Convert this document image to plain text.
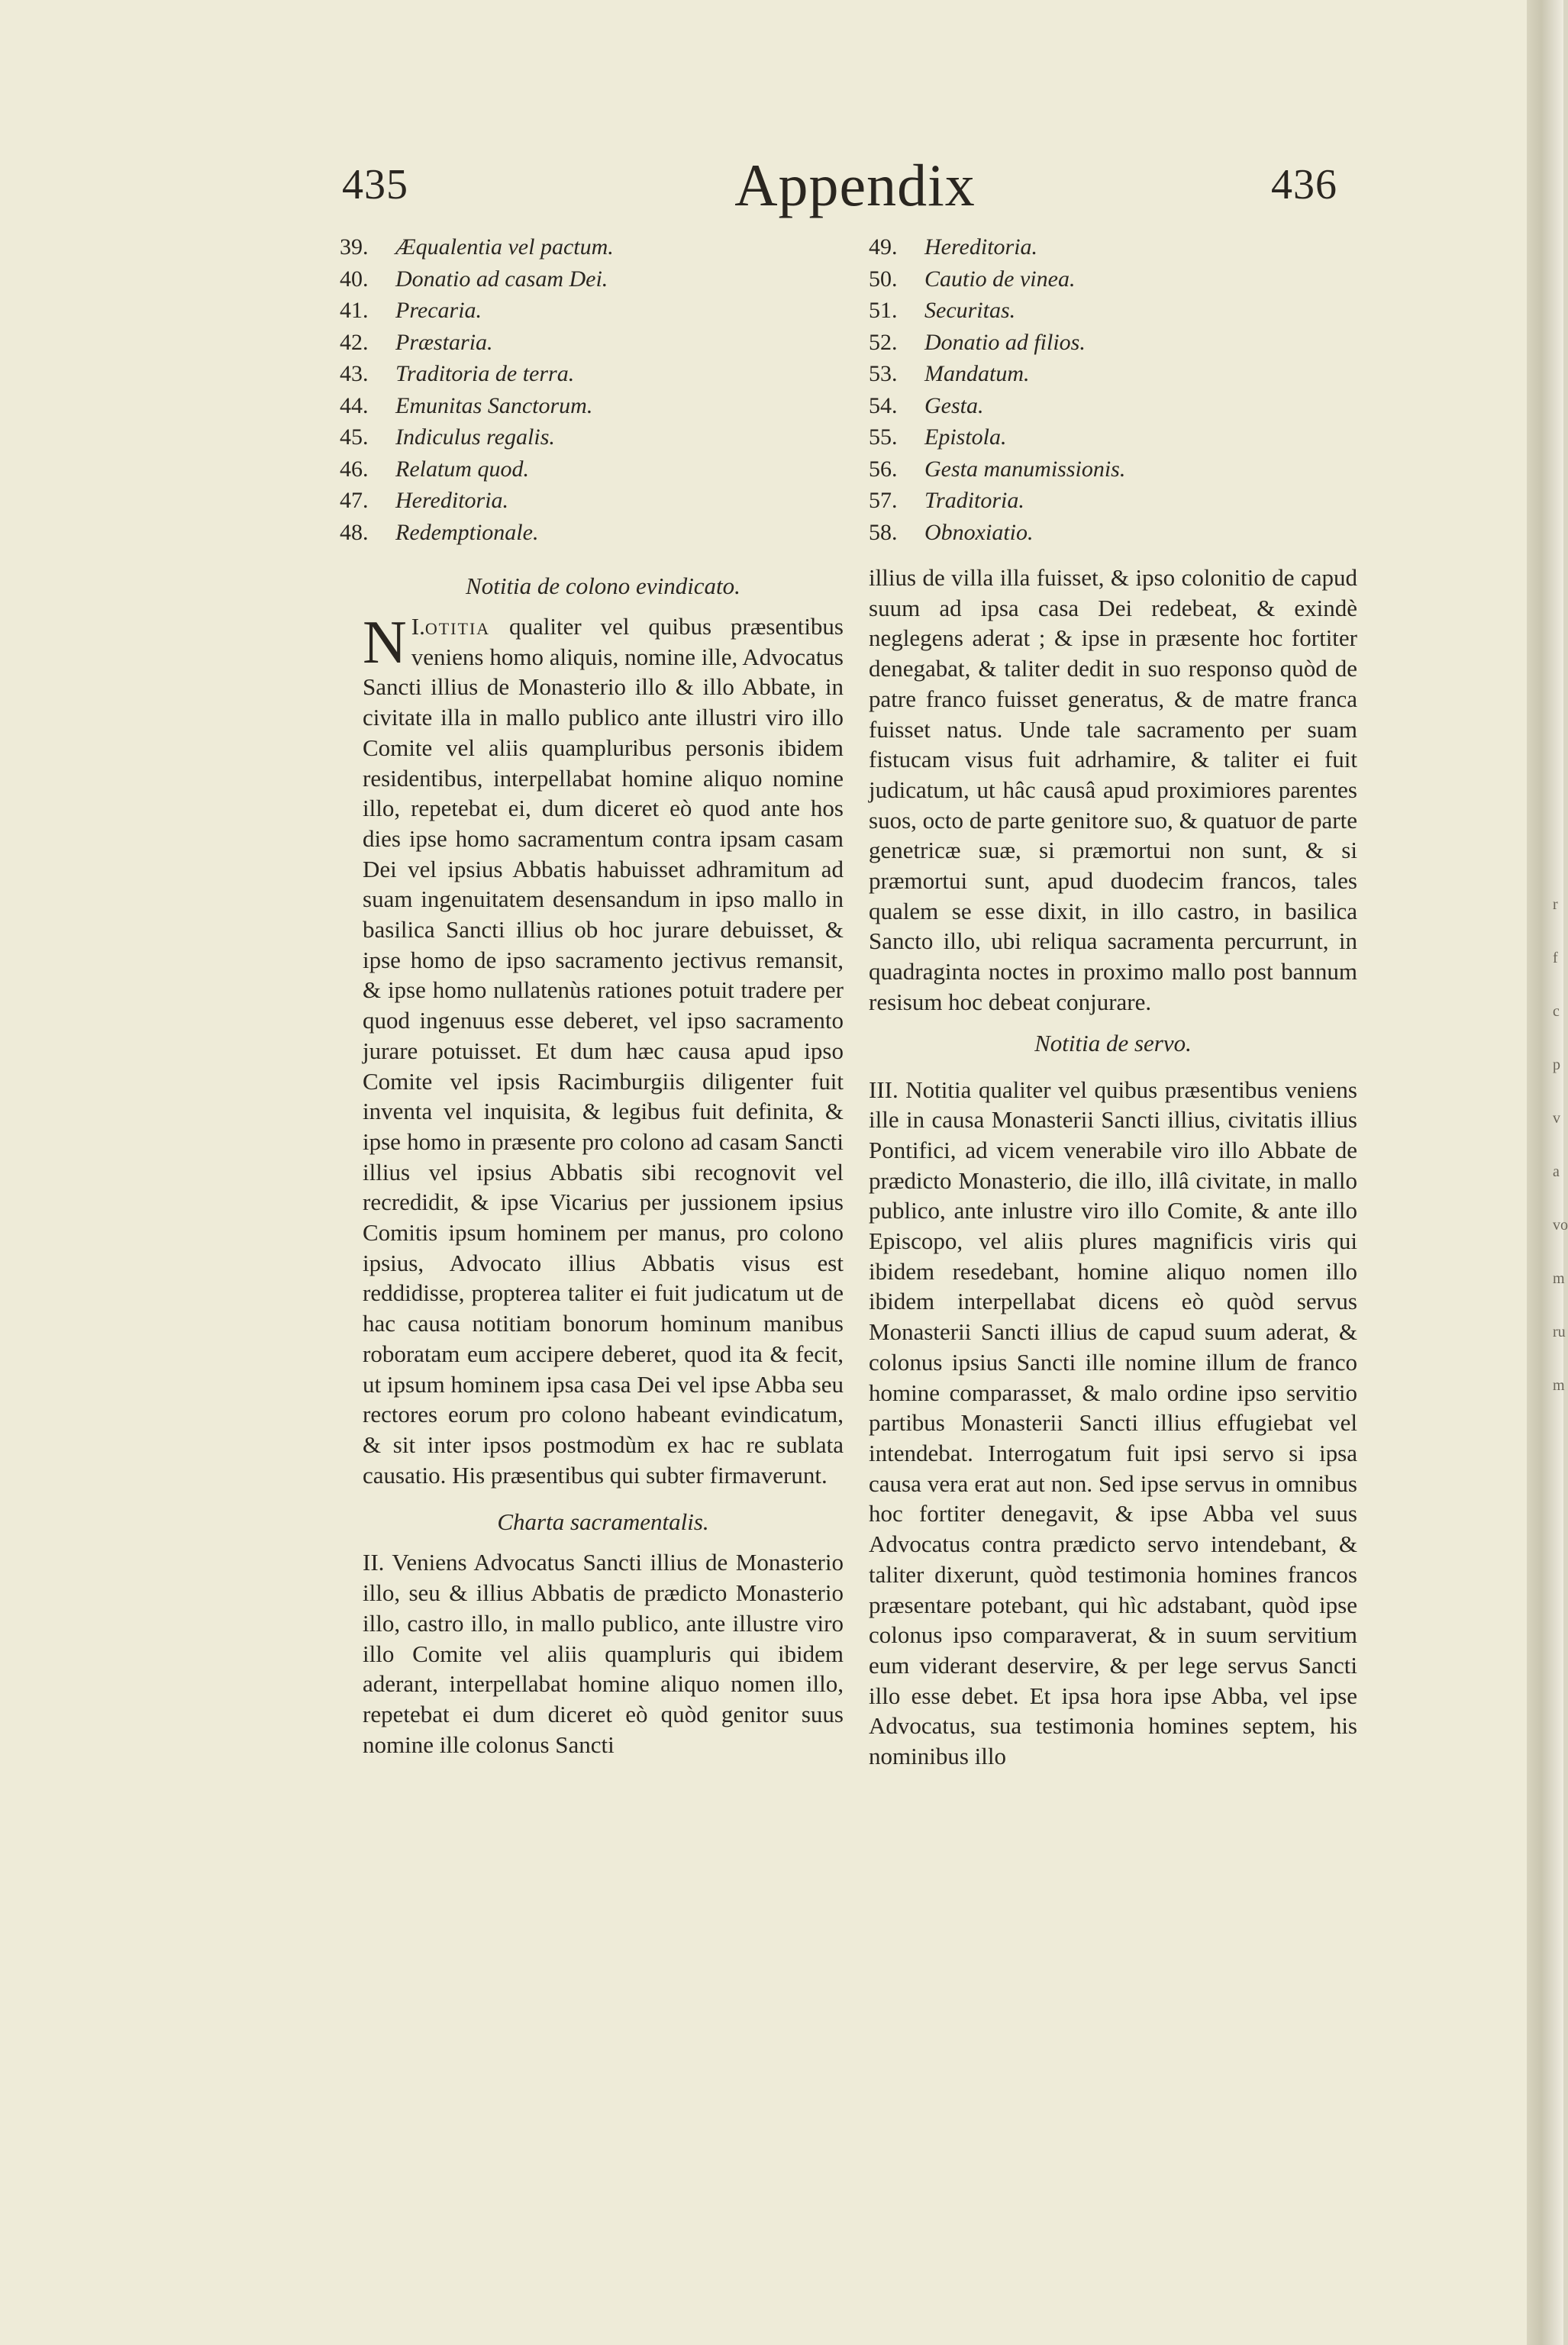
435	Appendix	436
39. Æqualentia vel pactum.
40. Donatio ad casam Dei.
41. Precaria.
42. Præstaria.
43. Traditoria de terra.
44. Emunitas Sanctorum.
45. Indiculus regalis.
46. Relatum quod.
47. Hereditoria.
48. Redemptionale.
49. Hereditoria.
50. Cautio de vinea.
51. Securitas.
52. Donatio ad filios.
53. Mandatum.
54. Gesta.
55. Epistola.
56. Gesta manumissionis.
57. Traditoria.
58. Obnoxiatio.
Notitia de colono evindicato.

I.
N otitia qualiter vel quibus præsentibus veniens homo aliquis, nomine ille, Advocatus Sancti illius de Monasterio illo & illo Abbate, in civitate illa in mallo publico ante illustri viro illo Comite vel aliis quampluribus personis ibidem residentibus, interpellabat homine aliquo nomine illo, repetebat ei, dum diceret eò quod ante hos dies ipse homo sacramentum contra ipsam casam Dei vel ipsius Abbatis habuisset adhramitum ad suam ingenuitatem desensandum in ipso mallo in basilica Sancti illius ob hoc jurare debuisset, & ipse homo de ipso sacramento jectivus remansit, & ipse homo nullatenùs rationes potuit tradere per quod ingenuus esse deberet, vel ipso sacramento jurare potuisset. Et dum hæc causa apud ipso Comite vel ipsis Racimburgiis diligenter fuit inventa vel inquisita, & legibus fuit definita, & ipse homo in præsente pro colono ad casam Sancti illius vel ipsius Abbatis sibi recognovit vel recredidit, & ipse Vicarius per jussionem ipsius Comitis ipsum hominem per manus, pro colono ipsius, Advocato illius Abbatis visus est reddidisse, propterea taliter ei fuit judicatum ut de hac causa notitiam bonorum hominum manibus roboratam eum accipere deberet, quod ita & fecit, ut ipsum hominem ipsa casa Dei vel ipse Abba seu rectores eorum pro colono habeant evindicatum, & sit inter ipsos postmodùm ex hac re sublata causatio. His præsentibus qui subter firmaverunt.

Charta sacramentalis.

II. Veniens Advocatus Sancti illius de Monasterio illo, seu & illius Abbatis de prædicto Monasterio illo, castro illo, in mallo publico, ante illustre viro illo Comite vel aliis quampluris qui ibidem aderant, interpellabat homine aliquo nomen illo, repetebat ei dum diceret eò quòd genitor suus nomine ille colonus Sancti

illius de villa illa fuisset, & ipso colonitio de capud suum ad ipsa casa Dei redebeat, & exindè neglegens aderat ; & ipse in præsente hoc fortiter denegabat, & taliter dedit in suo responso quòd de patre franco fuisset generatus, & de matre franca fuisset natus. Unde tale sacramento per suam fistucam visus fuit adrhamire, & taliter ei fuit judicatum, ut hâc causâ apud proximiores parentes suos, octo de parte genitore suo, & quatuor de parte genetricæ suæ, si præmortui non sunt, & si præmortui sunt, apud duodecim francos, tales qualem se esse dixit, in illo castro, in basilica Sancto illo, ubi reliqua sacramenta percurrunt, in quadraginta noctes in proximo mallo post bannum resisum hoc debeat conjurare.

Notitia de servo.

III. Notitia qualiter vel quibus præsentibus veniens ille in causa Monasterii Sancti illius, civitatis illius Pontifici, ad vicem venerabile viro illo Abbate de prædicto Monasterio, die illo, illâ civitate, in mallo publico, ante inlustre viro illo Comite, & ante illo Episcopo, vel aliis plures magnificis viris qui ibidem resedebant, homine aliquo nomen illo ibidem interpellabat dicens eò quòd servus Monasterii Sancti illius de capud suum aderat, & colonus ipsius Sancti ille nomine illum de franco homine comparasset, & malo ordine ipso servitio partibus Monasterii Sancti illius effugiebat vel intendebat. Interrogatum fuit ipsi servo si ipsa causa vera erat aut non. Sed ipse servus in omnibus hoc fortiter denegavit, & ipse Abba vel suus Advocatus contra prædicto servo intendebant, & taliter dixerunt, quòd testimonia homines francos præsentare potebant, qui hìc adstabant, quòd ipse colonus ipso comparaverat, & in suum servitium eum viderant deservire, & per lege servus Sancti illo esse debet. Et ipsa hora ipse Abba, vel ipse Advocatus, sua testimonia homines septem, his nominibus illo

r
f
c
p
v
a
vo
m
ru
m
